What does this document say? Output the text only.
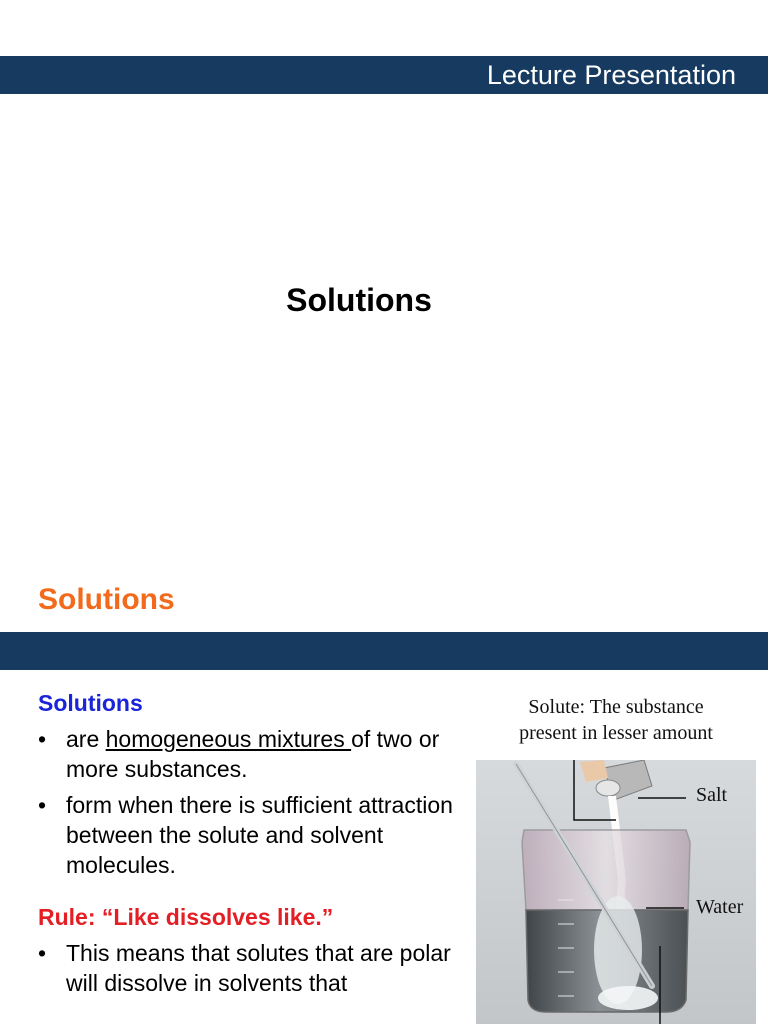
Lecture Presentation
Solutions
Solutions
Solutions
• are homogeneous mixtures of two or more substances.
• form when there is sufficient attraction between the solute and solvent molecules.
Rule: “Like dissolves like.”
• This means that solutes that are polar will dissolve in solvents that
Solute: The substance
present in lesser amount
Salt
Water
